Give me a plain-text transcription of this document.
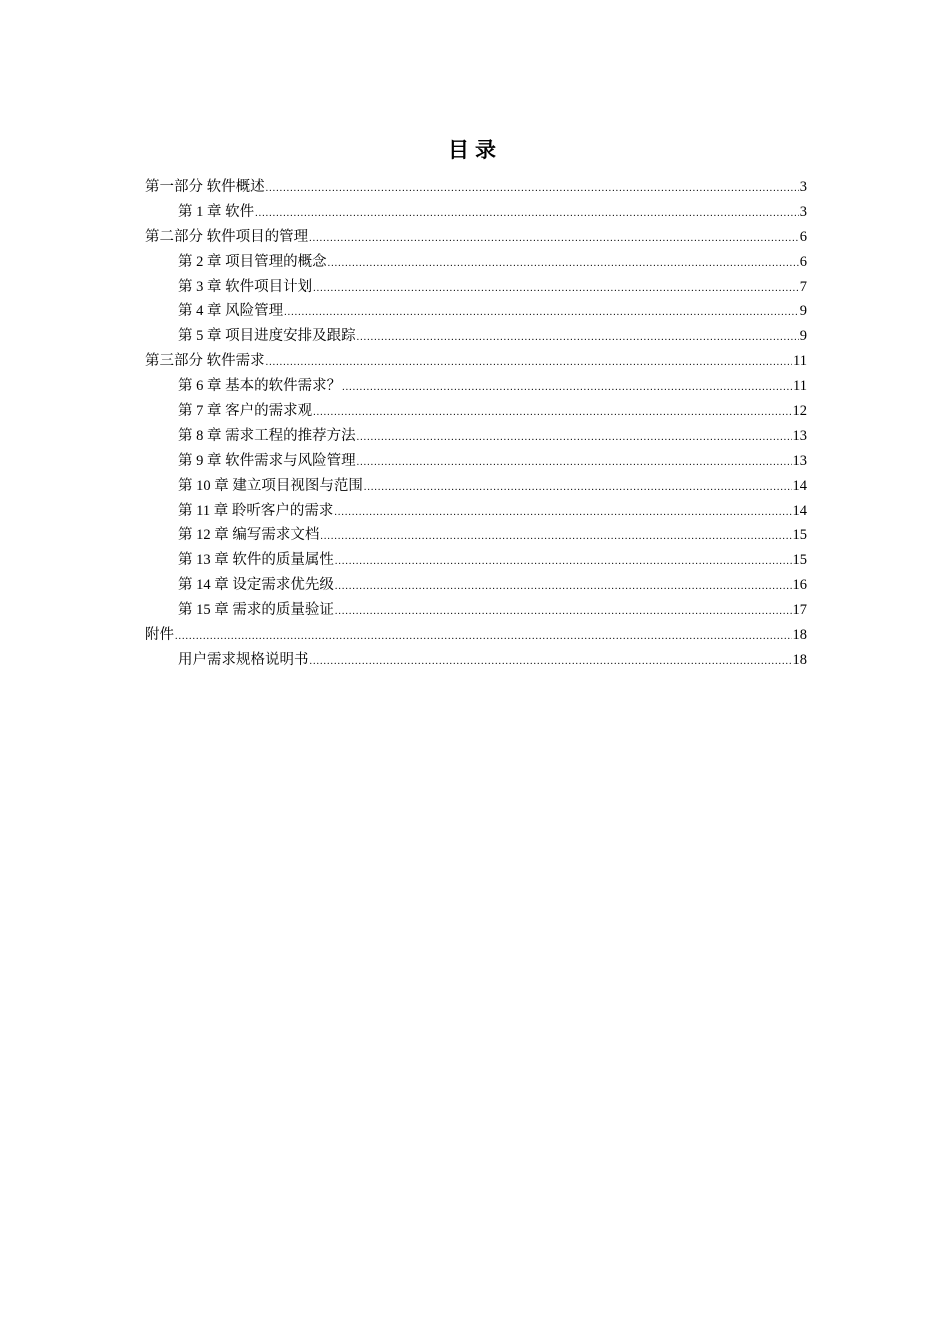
目录
第一部分 软件概述 .....	3
第 1 章 软件 .....	3
第二部分 软件项目的管理 .....	6
第 2 章 项目管理的概念 .....	6
第 3 章 软件项目计划 .....	7
第 4 章 风险管理 .....	9
第 5 章 项目进度安排及跟踪 .....	9
第三部分 软件需求 .....	11
第 6 章 基本的软件需求？ .....	11
第 7 章 客户的需求观 .....	12
第 8 章 需求工程的推荐方法 .....	13
第 9 章 软件需求与风险管理 .....	13
第 10 章 建立项目视图与范围 .....	14
第 11 章 聆听客户的需求 .....	14
第 12 章 编写需求文档 .....	15
第 13 章 软件的质量属性 .....	15
第 14 章 设定需求优先级 .....	16
第 15 章 需求的质量验证 .....	17
附件 .....	18
用户需求规格说明书 .....	18
